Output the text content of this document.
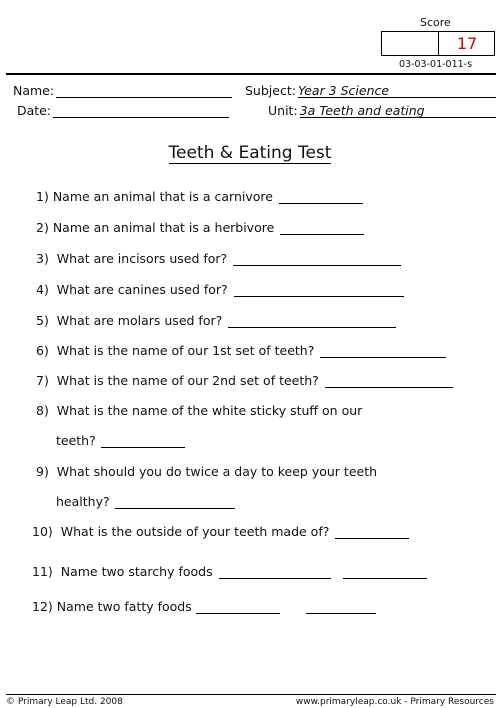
Score
17
03-03-01-011-s
Name:
Date:
Subject: Year 3 Science
Unit: 3a Teeth and eating
Teeth & Eating Test
1)
Name an animal that is a carnivore
2)
Name an animal that is a herbivore
3)
What are incisors used for?
4)
What are canines used for?
5)
What are molars used for?
6)
What is the name of our 1st set of teeth?
7)
What is the name of our 2nd set of teeth?
8)
What is the name of the white sticky stuff on our
teeth?
9)
What should you do twice a day to keep your teeth
healthy?
10)
What is the outside of your teeth made of?
11)
Name two starchy foods
12)
Name two fatty foods
© Primary Leap Ltd. 2008	www.primaryleap.co.uk - Primary Resources
